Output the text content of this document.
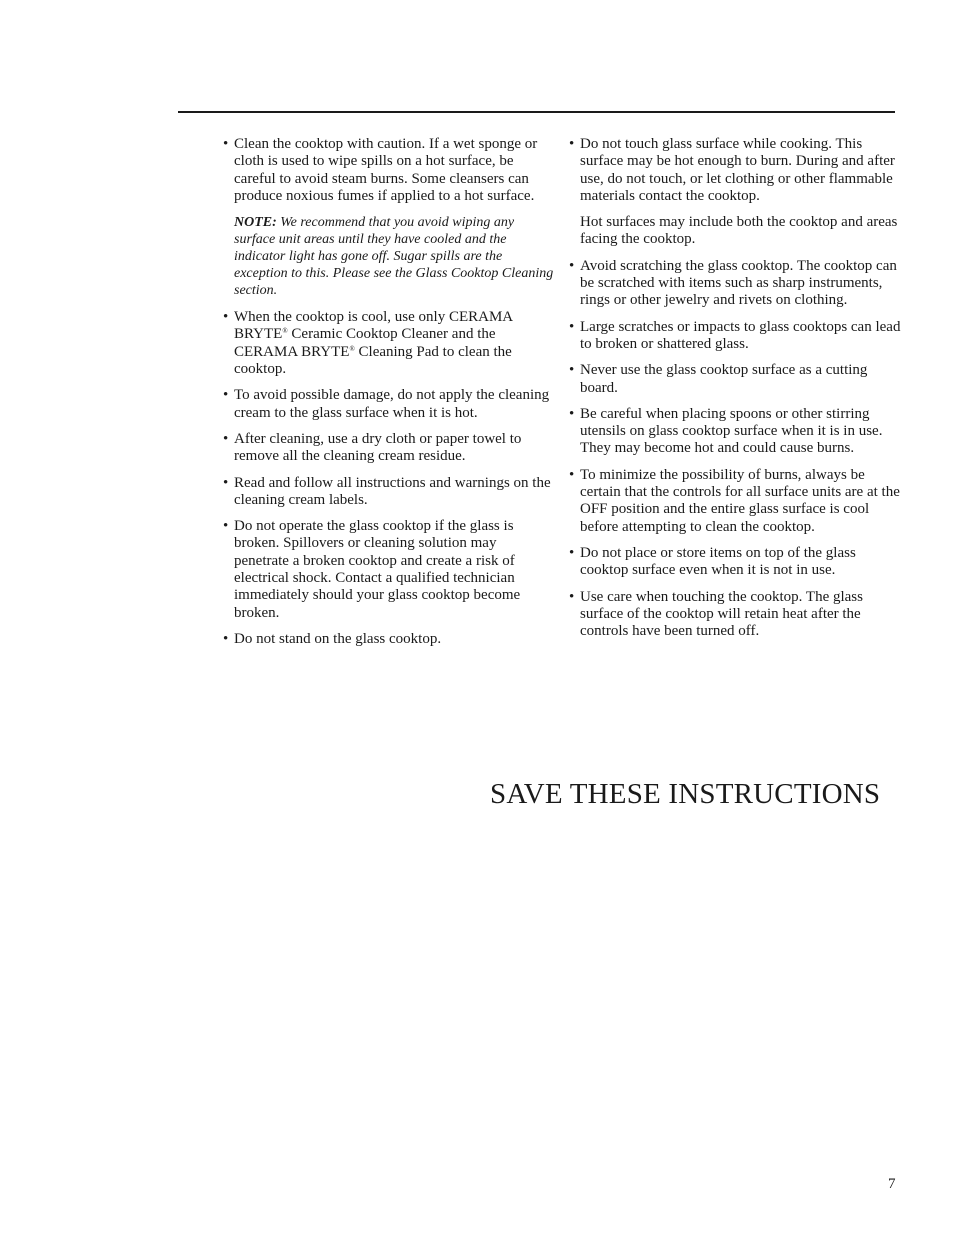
• Clean the cooktop with caution. If a wet sponge or cloth is used to wipe spills on a hot surface, be careful to avoid steam burns. Some cleansers can produce noxious fumes if applied to a hot surface.
NOTE: We recommend that you avoid wiping any surface unit areas until they have cooled and the indicator light has gone off. Sugar spills are the exception to this. Please see the Glass Cooktop Cleaning section.
• When the cooktop is cool, use only CERAMA BRYTE® Ceramic Cooktop Cleaner and the CERAMA BRYTE® Cleaning Pad to clean the cooktop.
• To avoid possible damage, do not apply the cleaning cream to the glass surface when it is hot.
• After cleaning, use a dry cloth or paper towel to remove all the cleaning cream residue.
• Read and follow all instructions and warnings on the cleaning cream labels.
• Do not operate the glass cooktop if the glass is broken. Spillovers or cleaning solution may penetrate a broken cooktop and create a risk of electrical shock. Contact a qualified technician immediately should your glass cooktop become broken.
• Do not stand on the glass cooktop.
• Do not touch glass surface while cooking. This surface may be hot enough to burn. During and after use, do not touch, or let clothing or other flammable materials contact the cooktop.
Hot surfaces may include both the cooktop and areas facing the cooktop.
• Avoid scratching the glass cooktop. The cooktop can be scratched with items such as sharp instruments, rings or other jewelry and rivets on clothing.
• Large scratches or impacts to glass cooktops can lead to broken or shattered glass.
• Never use the glass cooktop surface as a cutting board.
• Be careful when placing spoons or other stirring utensils on glass cooktop surface when it is in use. They may become hot and could cause burns.
• To minimize the possibility of burns, always be certain that the controls for all surface units are at the OFF position and the entire glass surface is cool before attempting to clean the cooktop.
• Do not place or store items on top of the glass cooktop surface even when it is not in use.
• Use care when touching the cooktop. The glass surface of the cooktop will retain heat after the controls have been turned off.
SAVE THESE INSTRUCTIONS
7
